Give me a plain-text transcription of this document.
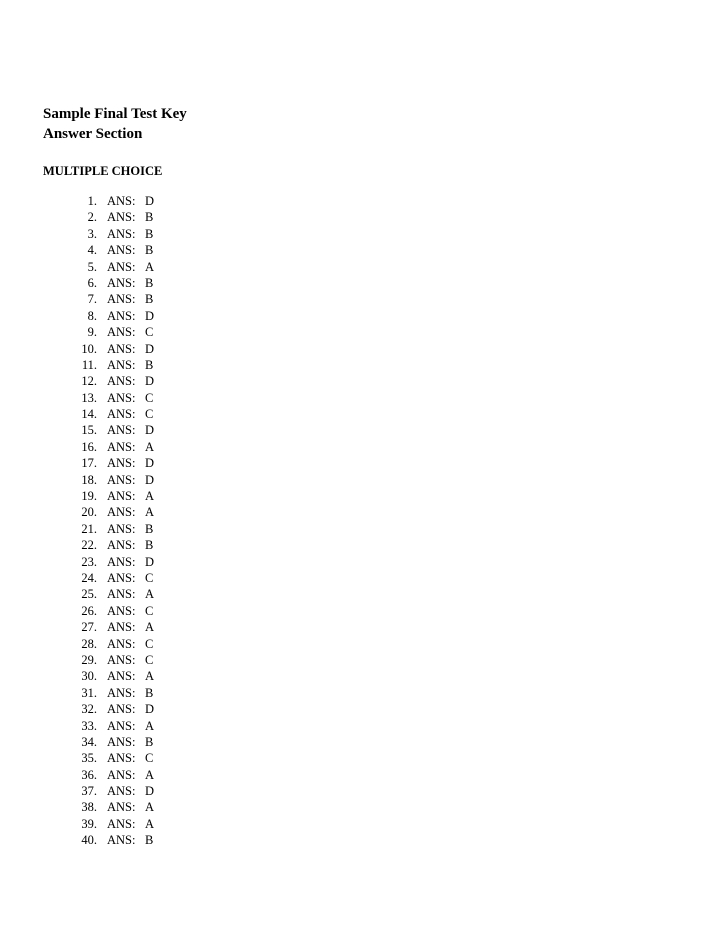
Sample Final Test Key
Answer Section
MULTIPLE CHOICE
1. ANS: D
2. ANS: B
3. ANS: B
4. ANS: B
5. ANS: A
6. ANS: B
7. ANS: B
8. ANS: D
9. ANS: C
10. ANS: D
11. ANS: B
12. ANS: D
13. ANS: C
14. ANS: C
15. ANS: D
16. ANS: A
17. ANS: D
18. ANS: D
19. ANS: A
20. ANS: A
21. ANS: B
22. ANS: B
23. ANS: D
24. ANS: C
25. ANS: A
26. ANS: C
27. ANS: A
28. ANS: C
29. ANS: C
30. ANS: A
31. ANS: B
32. ANS: D
33. ANS: A
34. ANS: B
35. ANS: C
36. ANS: A
37. ANS: D
38. ANS: A
39. ANS: A
40. ANS: B
